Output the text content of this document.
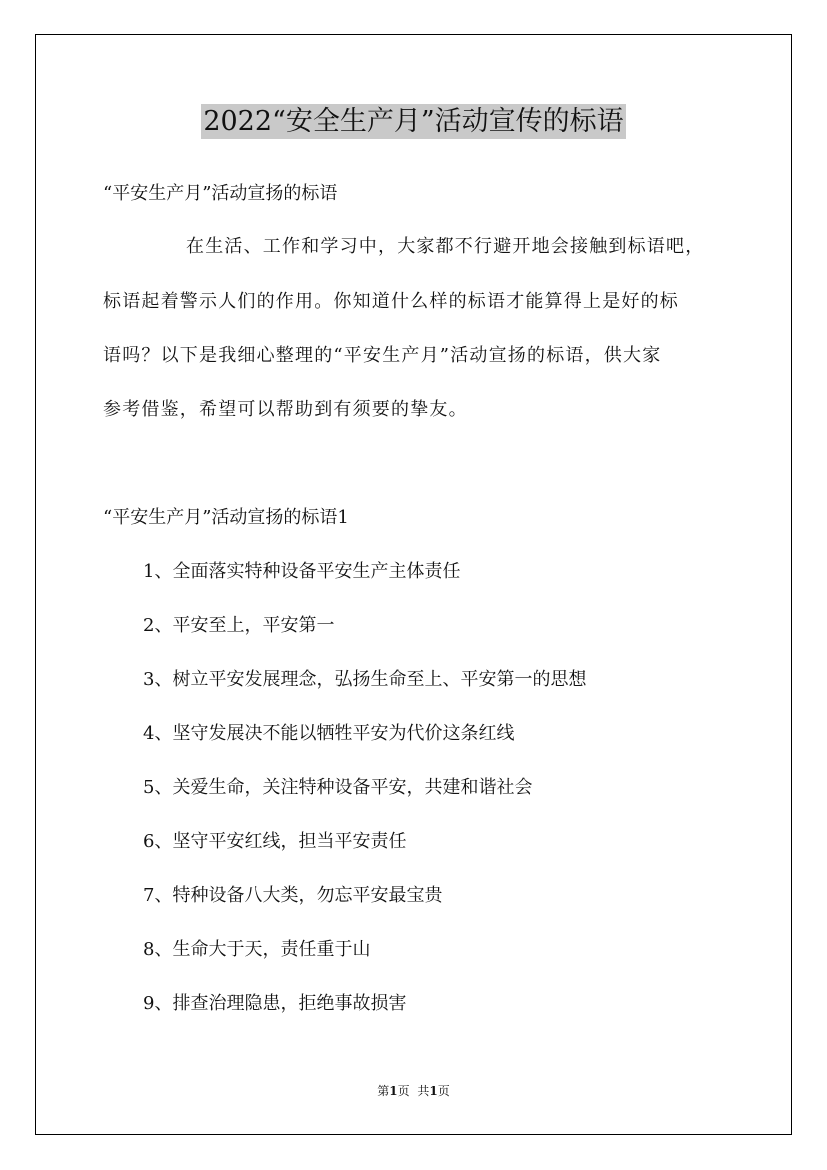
2022“安全生产月”活动宣传的标语
“平安生产月”活动宣扬的标语
在生活、工作和学习中，大家都不行避开地会接触到标语吧，
标语起着警示人们的作用。你知道什么样的标语才能算得上是好的标
语吗？以下是我细心整理的“平安生产月”活动宣扬的标语，供大家
参考借鉴，希望可以帮助到有须要的挚友。
“平安生产月”活动宣扬的标语1
1、全面落实特种设备平安生产主体责任
2、平安至上，平安第一
3、树立平安发展理念，弘扬生命至上、平安第一的思想
4、坚守发展决不能以牺牲平安为代价这条红线
5、关爱生命，关注特种设备平安，共建和谐社会
6、坚守平安红线，担当平安责任
7、特种设备八大类，勿忘平安最宝贵
8、生命大于天，责任重于山
9、排查治理隐患，拒绝事故损害
第1页 共1页
